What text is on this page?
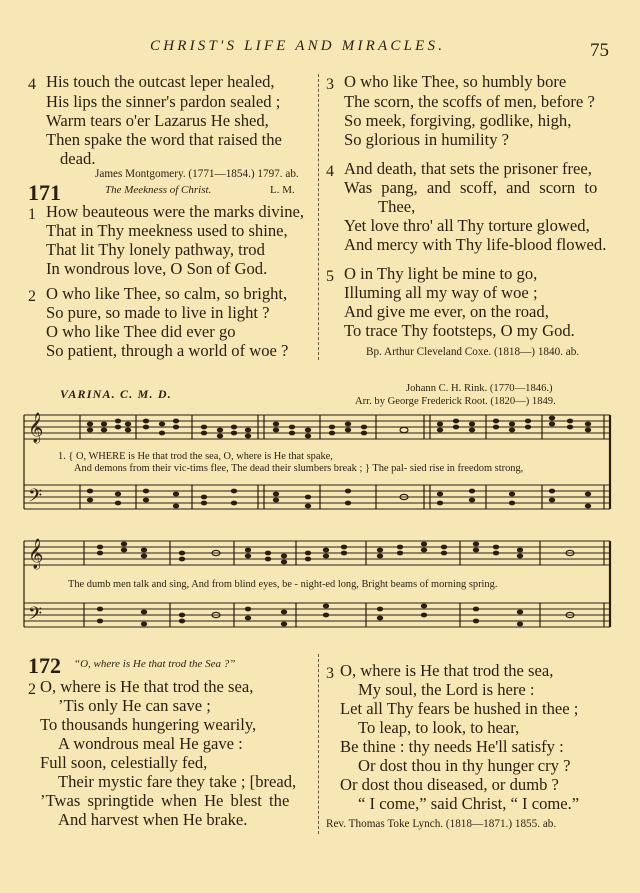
CHRIST'S LIFE AND MIRACLES.	75
4 His touch the outcast leper healed,
His lips the sinner's pardon sealed ;
Warm tears o'er Lazarus He shed,
Then spake the word that raised the
dead.
James Montgomery. (1771—1854.) 1797. ab.
171	The Meekness of Christ.	L. M.
1 How beauteous were the marks divine,
That in Thy meekness used to shine,
That lit Thy lonely pathway, trod
In wondrous love, O Son of God.
2 O who like Thee, so calm, so bright,
So pure, so made to live in light ?
O who like Thee did ever go
So patient, through a world of woe ?
3 O who like Thee, so humbly bore
The scorn, the scoffs of men, before ?
So meek, forgiving, godlike, high,
So glorious in humility ?
4 And death, that sets the prisoner free,
Was pang, and scoff, and scorn to
Thee,
Yet love thro' all Thy torture glowed,
And mercy with Thy life-blood flowed.
5 O in Thy light be mine to go,
Illuming all my way of woe ;
And give me ever, on the road,
To trace Thy footsteps, O my God.
Bp. Arthur Cleveland Coxe. (1818—) 1840. ab.
VARINA. C. M. D.	Johann C. H. Rink. (1770—1846.)
Arr. by George Frederick Root. (1820—) 1849.
𝄞
𝄢
1. { O, WHERE is He that trod the sea, O, where is He that spake,
And demons from their vic-tims flee, The dead their slumbers break ; } The pal- sied rise in freedom strong,
𝄞
𝄢
The dumb men talk and sing, And from blind eyes, be - night-ed long, Bright beams of morning spring.
172 “O, where is He that trod the Sea ?”
2 O, where is He that trod the sea,
’Tis only He can save ;
To thousands hungering wearily,
A wondrous meal He gave :
Full soon, celestially fed,
Their mystic fare they take ; [bread,
’Twas springtide when He blest the
And harvest when He brake.
3 O, where is He that trod the sea,
My soul, the Lord is here :
Let all Thy fears be hushed in thee ;
To leap, to look, to hear,
Be thine : thy needs He'll satisfy :
Or dost thou in thy hunger cry ?
Or dost thou diseased, or dumb ?
“ I come,” said Christ, “ I come.”
Rev. Thomas Toke Lynch. (1818—1871.) 1855. ab.
